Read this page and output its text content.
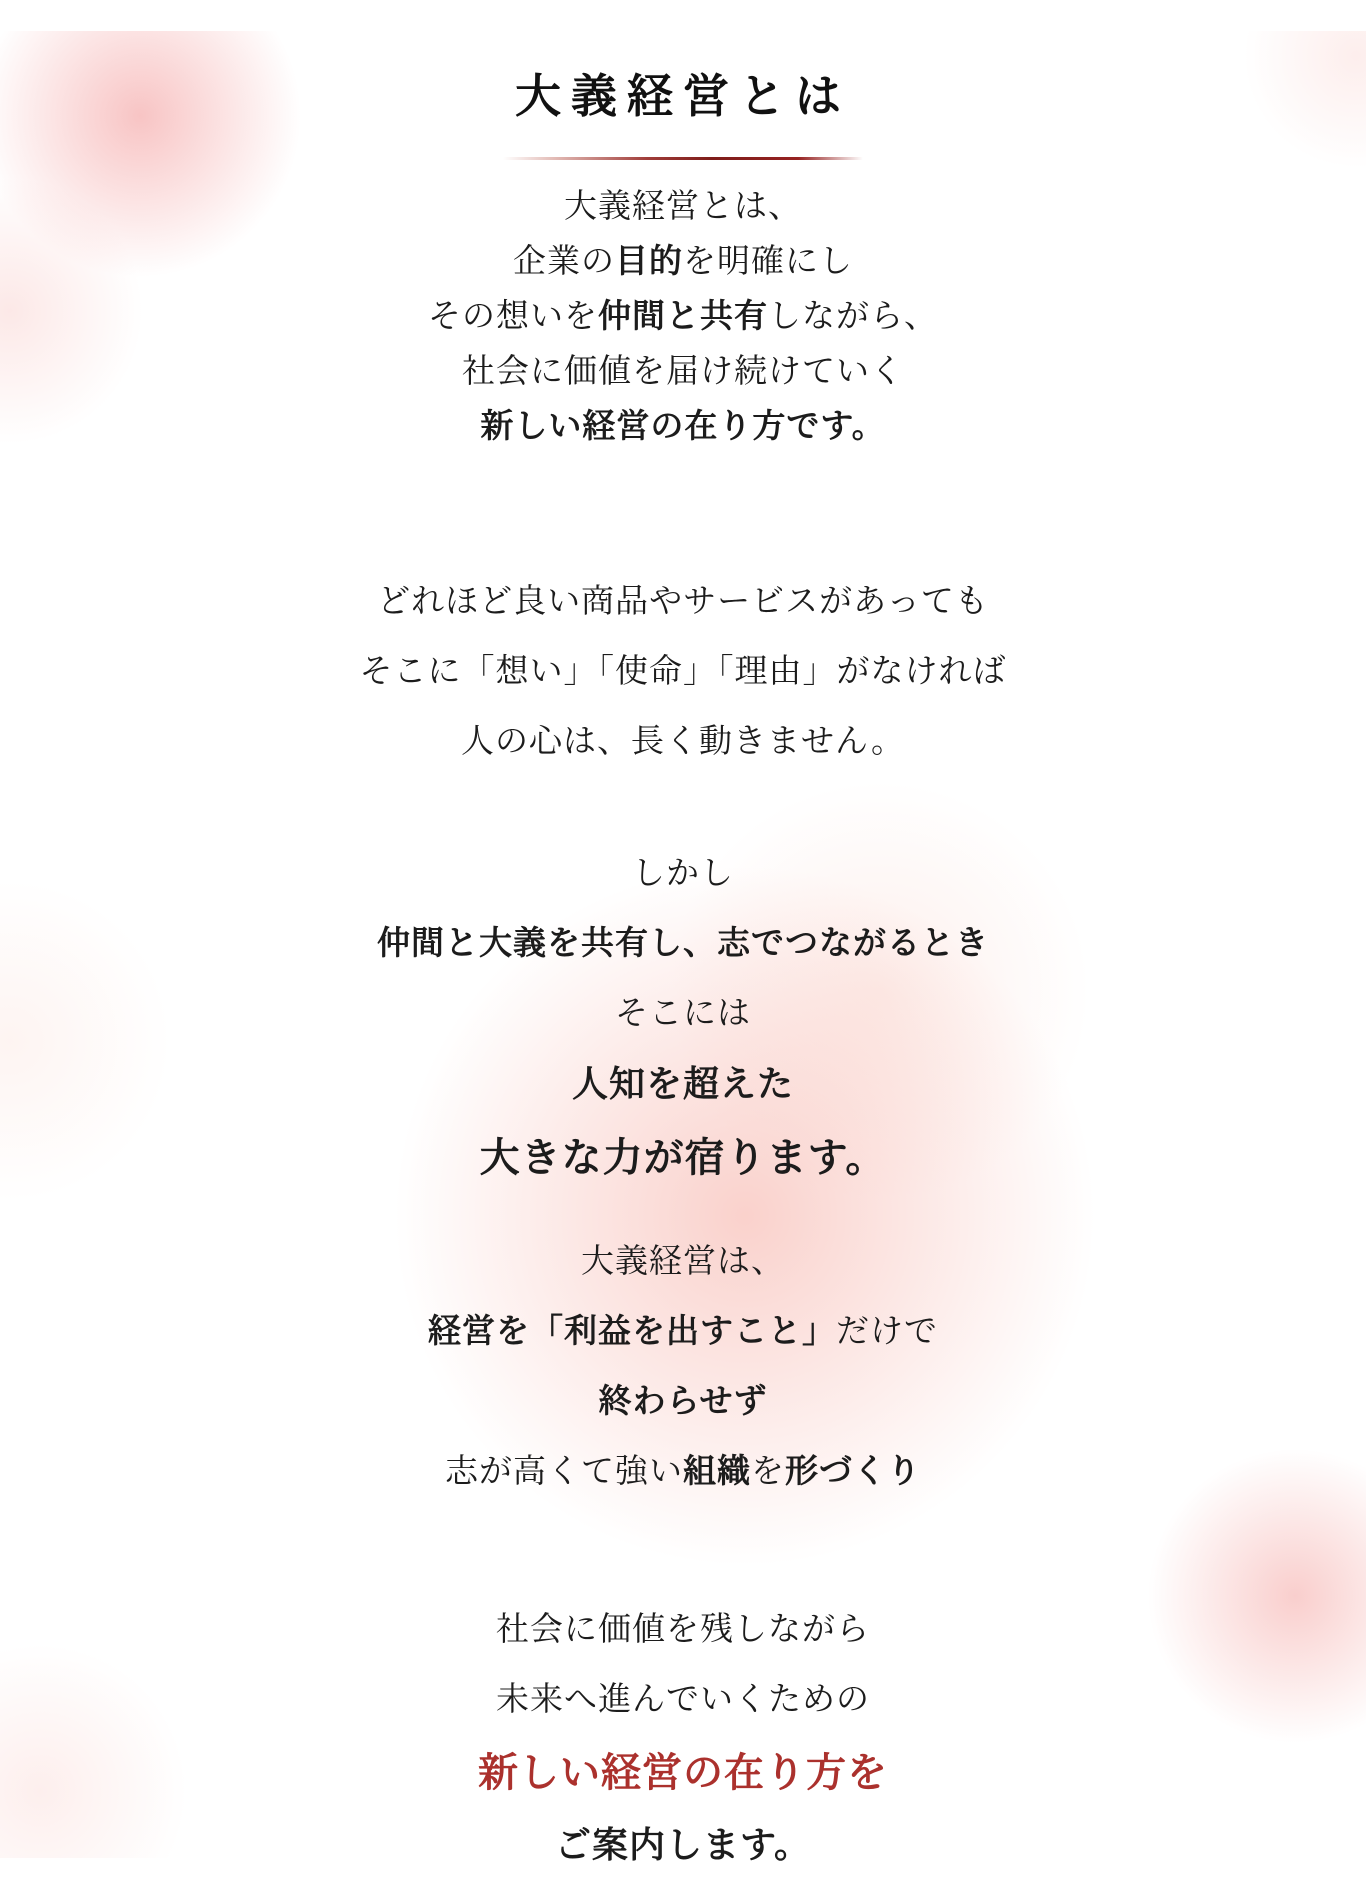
大義経営とは
大義経営とは、
企業の目的を明確にし
その想いを仲間と共有しながら、
社会に価値を届け続けていく
新しい経営の在り方です。
どれほど良い商品やサービスがあっても
そこに「想い」「使命」「理由」がなければ
人の心は、長く動きません。
しかし
仲間と大義を共有し、志でつながるとき
そこには
人知を超えた
大きな力が宿ります。
大義経営は、
経営を「利益を出すこと」だけで
終わらせず
志が高くて強い組織を形づくり
社会に価値を残しながら
未来へ進んでいくための
新しい経営の在り方を
ご案内します。
